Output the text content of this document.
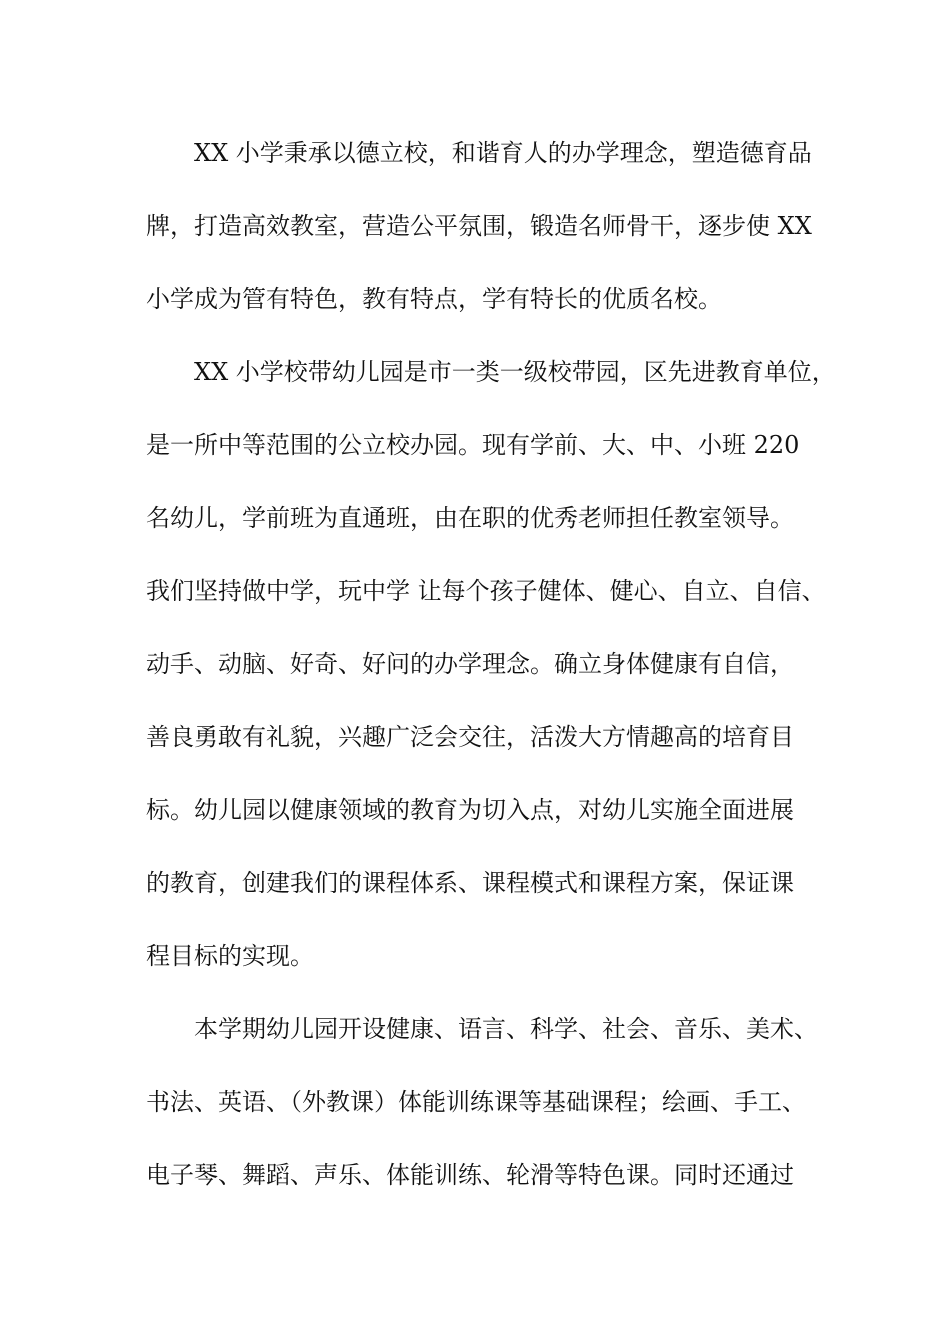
XX 小学秉承以德立校，和谐育人的办学理念，塑造德育品
牌，打造高效教室，营造公平氛围，锻造名师骨干，逐步使 XX
小学成为管有特色，教有特点，学有特长的优质名校。
XX 小学校带幼儿园是市一类一级校带园，区先进教育单位，
是一所中等范围的公立校办园。现有学前、大、中、小班 220
名幼儿，学前班为直通班，由在职的优秀老师担任教室领导。
我们坚持做中学，玩中学 让每个孩子健体、健心、自立、自信、
动手、动脑、好奇、好问的办学理念。确立身体健康有自信，
善良勇敢有礼貌，兴趣广泛会交往，活泼大方情趣高的培育目
标。幼儿园以健康领域的教育为切入点，对幼儿实施全面进展
的教育，创建我们的课程体系、课程模式和课程方案，保证课
程目标的实现。
本学期幼儿园开设健康、语言、科学、社会、音乐、美术、
书法、英语、（外教课）体能训练课等基础课程；绘画、手工、
电子琴、舞蹈、声乐、体能训练、轮滑等特色课。同时还通过
